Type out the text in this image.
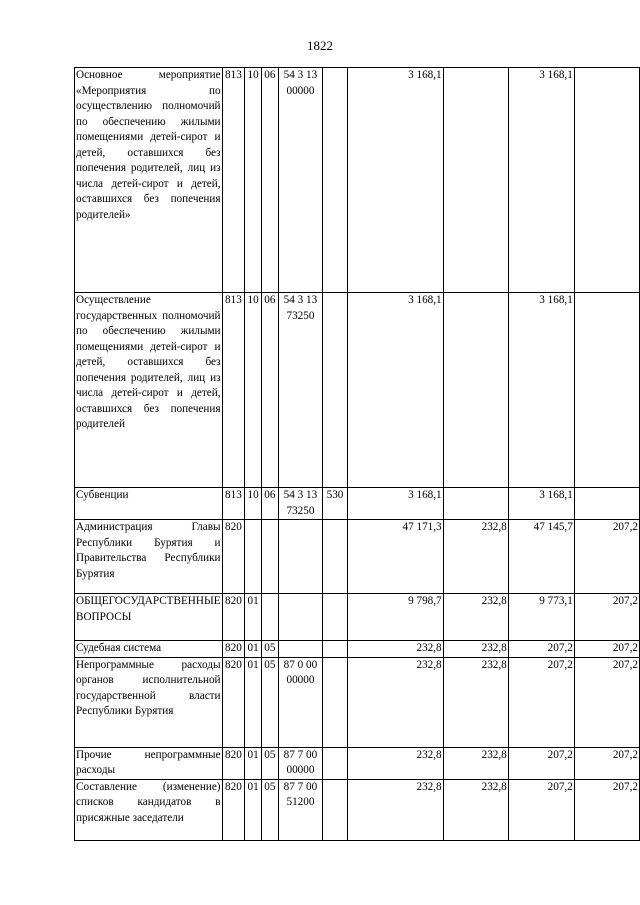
1822
Основное мероприятие «Мероприятия по осуществлению полномочий по обеспечению жилыми помещениями детей-сирот и детей, оставшихся без попечения родителей, лиц из числа детей-сирот и детей, оставшихся без попечения родителей»	813	10	06	54 3 13 00000		3 168,1		3 168,1	
Осуществление государственных полномочий по обеспечению жилыми помещениями детей-сирот и детей, оставшихся без попечения родителей, лиц из числа детей-сирот и детей, оставшихся без попечения родителей	813	10	06	54 3 13 73250		3 168,1		3 168,1	
Субвенции	813	10	06	54 3 13 73250	530	3 168,1		3 168,1	
Администрация Главы Республики Бурятия и Правительства Республики Бурятия	820					47 171,3	232,8	47 145,7	207,2
ОБЩЕГОСУДАРСТВЕННЫЕ ВОПРОСЫ	820	01				9 798,7	232,8	9 773,1	207,2
Судебная система	820	01	05			232,8	232,8	207,2	207,2
Непрограммные расходы органов исполнительной государственной власти Республики Бурятия	820	01	05	87 0 00 00000		232,8	232,8	207,2	207,2
Прочие непрограммные расходы	820	01	05	87 7 00 00000		232,8	232,8	207,2	207,2
Составление (изменение) списков кандидатов в присяжные заседатели	820	01	05	87 7 00 51200		232,8	232,8	207,2	207,2
